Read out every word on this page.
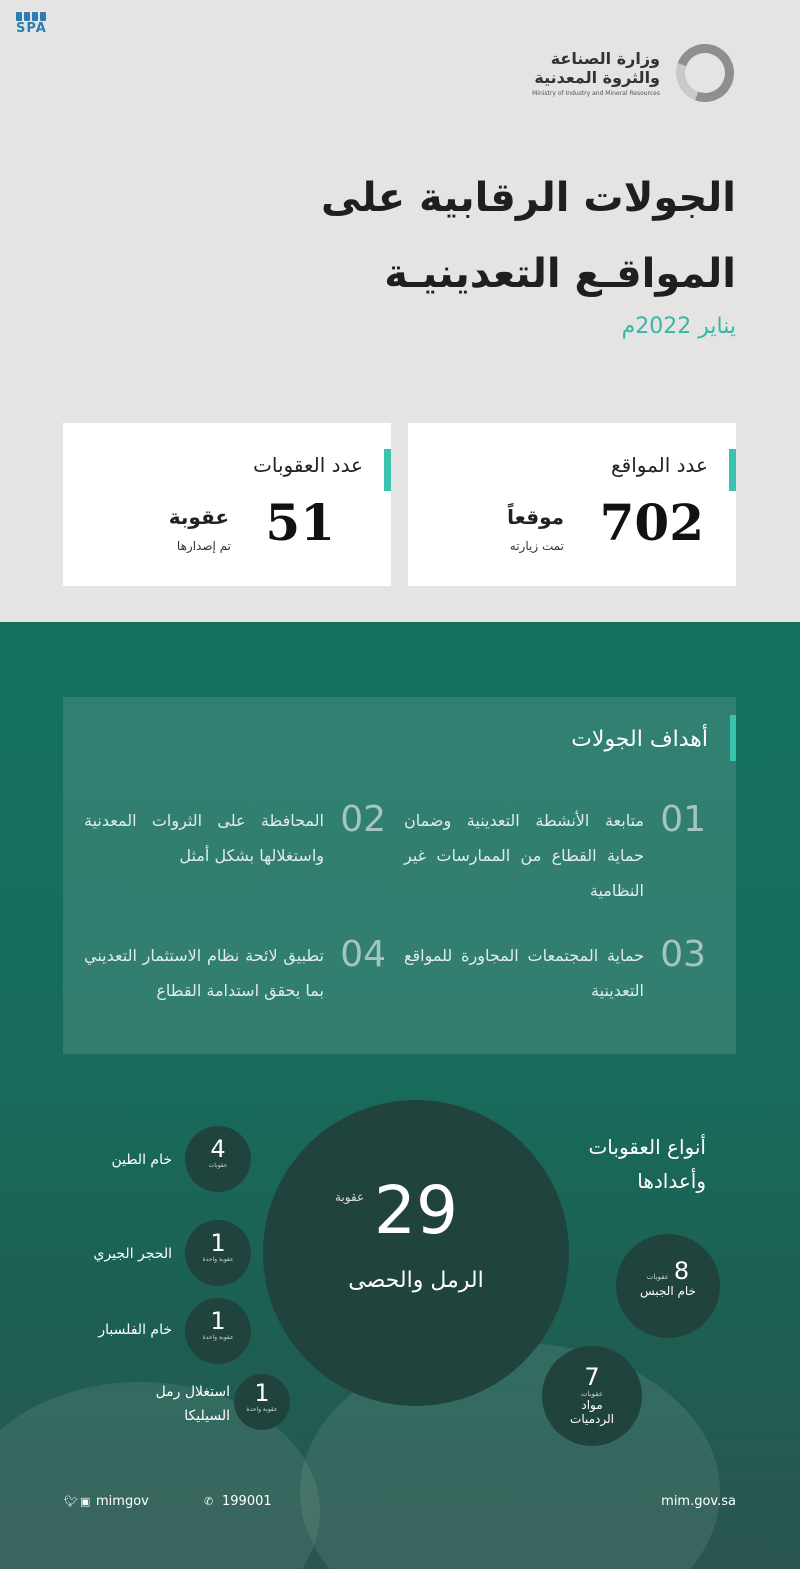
SPA
وزارة الصناعة
والثروة المعدنية
Ministry of Industry and Mineral Resources
الجولات الرقابية على
المواقـع التعدينيـة
يناير 2022م
عدد المواقع
702
موقعاً
تمت زيارته
عدد العقوبات
51
عقوبة
تم إصدارها
أهداف الجولات
01
متابعة الأنشطة التعدينية وضمان حماية القطاع من الممارسات غير النظامية
02
المحافظة على الثروات المعدنية واستغلالها بشكل أمثل
03
حماية المجتمعات المجاورة للمواقع التعدينية
04
تطبيق لائحة نظام الاستثمار التعديني بما يحقق استدامة القطاع
أنواع العقوبات
وأعدادها
عقوبة 29
الرمل والحصى	8 عقوبات
خام الجبس
7
عقوبات
مواد
الردميات
4
عقوبات
خام الطين
1
عقوبة واحدة
الحجر الجيري
1
عقوبة واحدة
خام الفلسبار
1
عقوبة واحدة
استغلال رمل
السيليكا
🐦︎ ▣ mimgov	✆ 199001	mim.gov.sa
